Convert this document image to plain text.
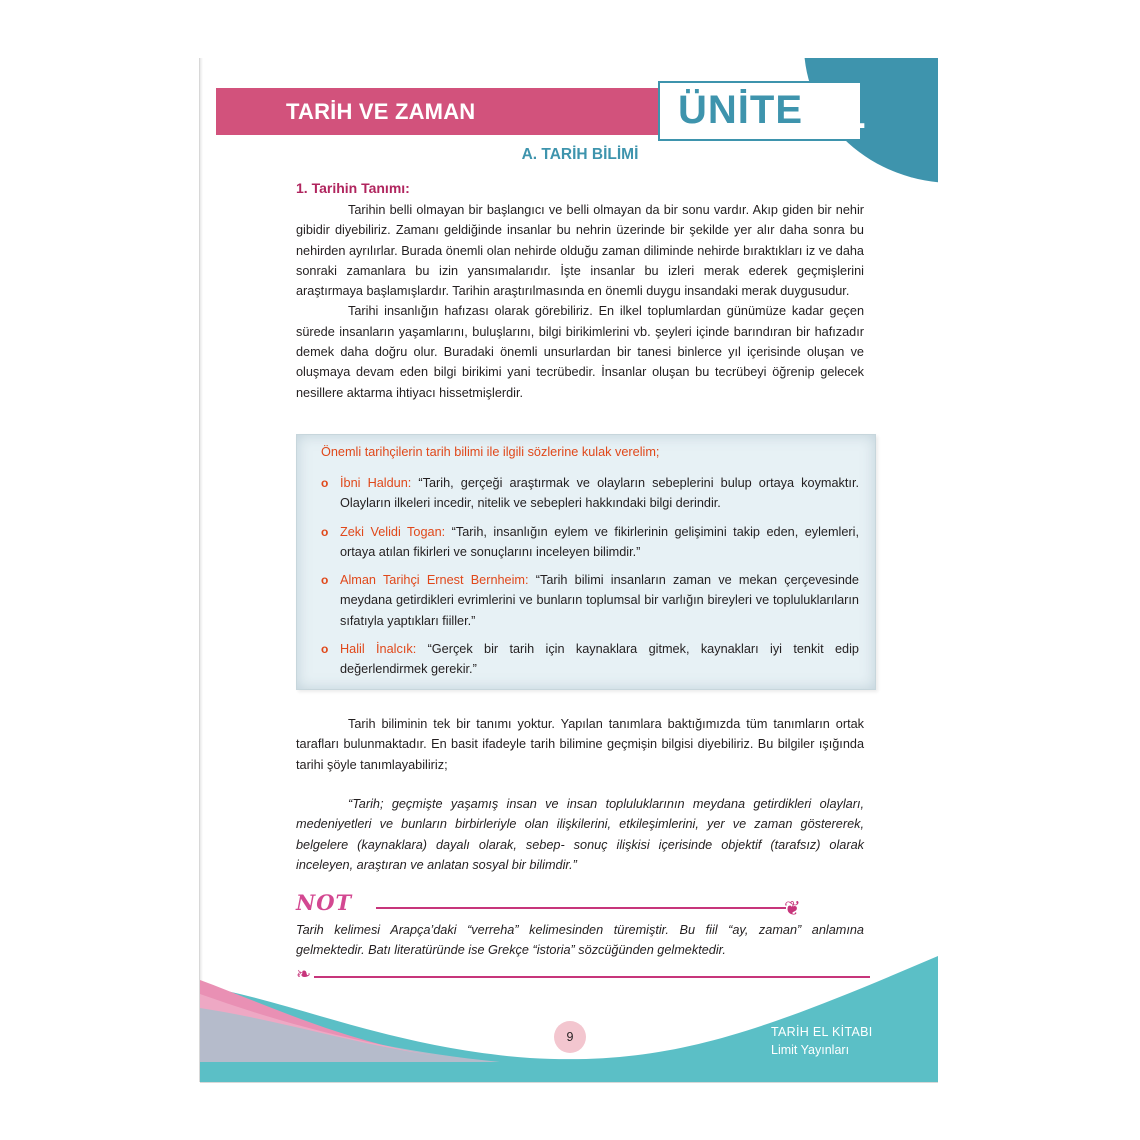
TARİH VE ZAMAN	ÜNİTE 1
A. TARİH BİLİMİ
1. Tarihin Tanımı:

Tarihin belli olmayan bir başlangıcı ve belli olmayan da bir sonu vardır. Akıp giden bir nehir gibidir diyebiliriz. Zamanı geldiğinde insanlar bu nehrin üzerinde bir şekilde yer alır daha sonra bu nehirden ayrılırlar. Burada önemli olan nehirde olduğu zaman diliminde nehirde bıraktıkları iz ve daha sonraki zamanlara bu izin yansımalarıdır. İşte insanlar bu izleri merak ederek geçmişlerini araştırmaya başlamışlardır. Tarihin araştırılmasında en önemli duygu insandaki merak duygusudur.

Tarihi insanlığın hafızası olarak görebiliriz. En ilkel toplumlardan günümüze kadar geçen sürede insanların yaşamlarını, buluşlarını, bilgi birikimlerini vb. şeyleri içinde barındıran bir hafızadır demek daha doğru olur. Buradaki önemli unsurlardan bir tanesi binlerce yıl içerisinde oluşan ve oluşmaya devam eden bilgi birikimi yani tecrübedir. İnsanlar oluşan bu tecrübeyi öğrenip gelecek nesillere aktarma ihtiyacı hissetmişlerdir.

Önemli tarihçilerin tarih bilimi ile ilgili sözlerine kulak verelim;
o İbni Haldun: “Tarih, gerçeği araştırmak ve olayların sebeplerini bulup ortaya koymaktır. Olayların ilkeleri incedir, nitelik ve sebepleri hakkındaki bilgi derindir.
o Zeki Velidi Togan: “Tarih, insanlığın eylem ve fikirlerinin gelişimini takip eden, eylemleri, ortaya atılan fikirleri ve sonuçlarını inceleyen bilimdir.”
o Alman Tarihçi Ernest Bernheim: “Tarih bilimi insanların zaman ve mekan çerçevesinde meydana getirdikleri evrimlerini ve bunların toplumsal bir varlığın bireyleri ve topluluklarıların sıfatıyla yaptıkları fiiller.”
o Halil İnalcık: “Gerçek bir tarih için kaynaklara gitmek, kaynakları iyi tenkit edip değerlendirmek gerekir.”

Tarih biliminin tek bir tanımı yoktur. Yapılan tanımlara baktığımızda tüm tanımların ortak tarafları bulunmaktadır. En basit ifadeyle tarih bilimine geçmişin bilgisi diyebiliriz. Bu bilgiler ışığında tarihi şöyle tanımlayabiliriz;

“Tarih; geçmişte yaşamış insan ve insan topluluklarının meydana getirdikleri olayları, medeniyetleri ve bunların birbirleriyle olan ilişkilerini, etkileşimlerini, yer ve zaman göstererek, belgelere (kaynaklara) dayalı olarak, sebep- sonuç ilişkisi içerisinde objektif (tarafsız) olarak inceleyen, araştıran ve anlatan sosyal bir bilimdir.”

NOT	❦
Tarih kelimesi Arapça’daki “verreha” kelimesinden türemiştir. Bu fiil “ay, zaman” anlamına gelmektedir. Batı literatüründe ise Grekçe “istoria” sözcüğünden gelmektedir.
❧
9	TARİH EL KİTABI
Limit Yayınları
